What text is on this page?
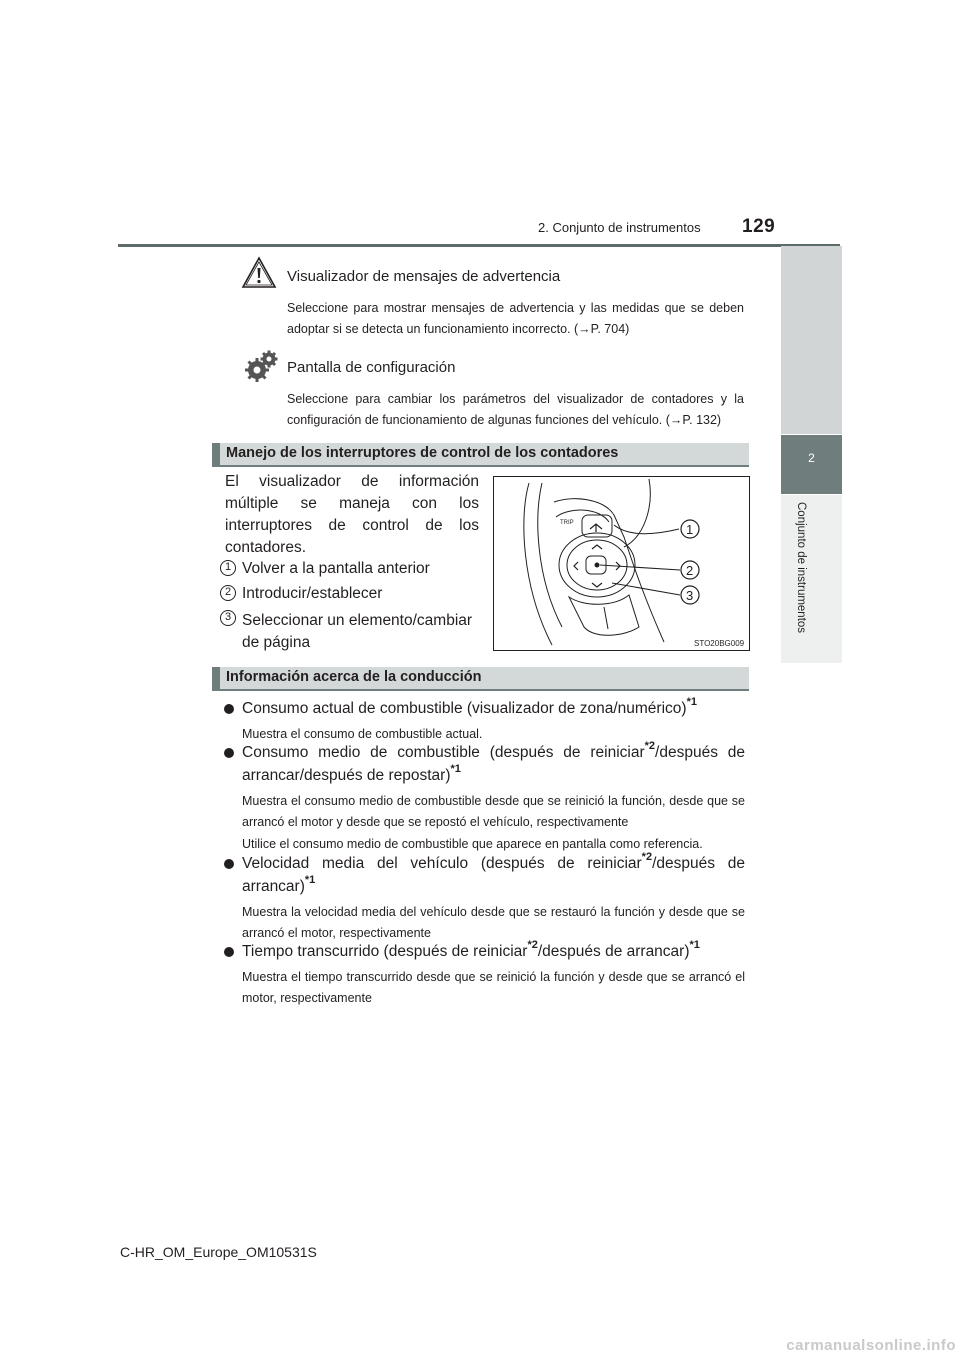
2. Conjunto de instrumentos 129
2
Conjunto de instrumentos
Visualizador de mensajes de advertencia
Seleccione para mostrar mensajes de advertencia y las medidas que se deben adoptar si se detecta un funcionamiento incorrecto. (→P. 704)
Pantalla de configuración
Seleccione para cambiar los parámetros del visualizador de contadores y la configuración de funcionamiento de algunas funciones del vehículo. (→P. 132)
Manejo de los interruptores de control de los contadores
El visualizador de información múltiple se maneja con los interruptores de control de los contadores.
1 Volver a la pantalla anterior
2 Introducir/establecer
3 Seleccionar un elemento/cambiar de página
TRIP	1
2
3
STO20BG009
Información acerca de la conducción
Consumo actual de combustible (visualizador de zona/numérico)$^{*1}$
Muestra el consumo de combustible actual.
Consumo medio de combustible (después de reiniciar$^{*2}$/después de arrancar/después de repostar)$^{*1}$
Muestra el consumo medio de combustible desde que se reinició la función, desde que se arrancó el motor y desde que se repostó el vehículo, respectivamente
Utilice el consumo medio de combustible que aparece en pantalla como referencia.
Velocidad media del vehículo (después de reiniciar$^{*2}$/después de arrancar)$^{*1}$
Muestra la velocidad media del vehículo desde que se restauró la función y desde que se arrancó el motor, respectivamente
Tiempo transcurrido (después de reiniciar$^{*2}$/después de arrancar)$^{*1}$
Muestra el tiempo transcurrido desde que se reinició la función y desde que se arrancó el motor, respectivamente
C-HR_OM_Europe_OM10531S
carmanualsonline.info
